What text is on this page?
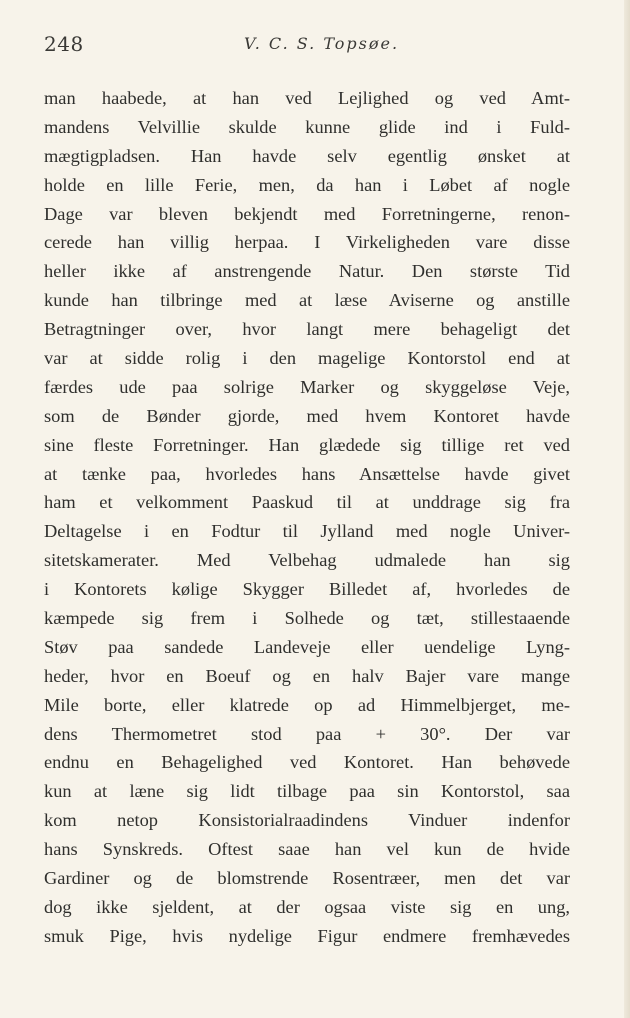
248	V. C. S. Topsøe.
man haabede, at han ved Lejlighed og ved Amt-
mandens Velvillie skulde kunne glide ind i Fuld-
mægtigpladsen. Han havde selv egentlig ønsket at
holde en lille Ferie, men, da han i Løbet af nogle
Dage var bleven bekjendt med Forretningerne, renon-
cerede han villig herpaa. I Virkeligheden vare disse
heller ikke af anstrengende Natur. Den største Tid
kunde han tilbringe med at læse Aviserne og anstille
Betragtninger over, hvor langt mere behageligt det
var at sidde rolig i den magelige Kontorstol end at
færdes ude paa solrige Marker og skyggeløse Veje,
som de Bønder gjorde, med hvem Kontoret havde
sine fleste Forretninger. Han glædede sig tillige ret ved
at tænke paa, hvorledes hans Ansættelse havde givet
ham et velkomment Paaskud til at unddrage sig fra
Deltagelse i en Fodtur til Jylland med nogle Univer-
sitetskamerater. Med Velbehag udmalede han sig
i Kontorets kølige Skygger Billedet af, hvorledes de
kæmpede sig frem i Solhede og tæt, stillestaaende
Støv paa sandede Landeveje eller uendelige Lyng-
heder, hvor en Boeuf og en halv Bajer vare mange
Mile borte, eller klatrede op ad Himmelbjerget, me-
dens Thermometret stod paa + 30°. Der var
endnu en Behagelighed ved Kontoret. Han behøvede
kun at læne sig lidt tilbage paa sin Kontorstol, saa
kom netop Konsistorialraadindens Vinduer indenfor
hans Synskreds. Oftest saae han vel kun de hvide
Gardiner og de blomstrende Rosentræer, men det var
dog ikke sjeldent, at der ogsaa viste sig en ung,
smuk Pige, hvis nydelige Figur endmere fremhævedes
